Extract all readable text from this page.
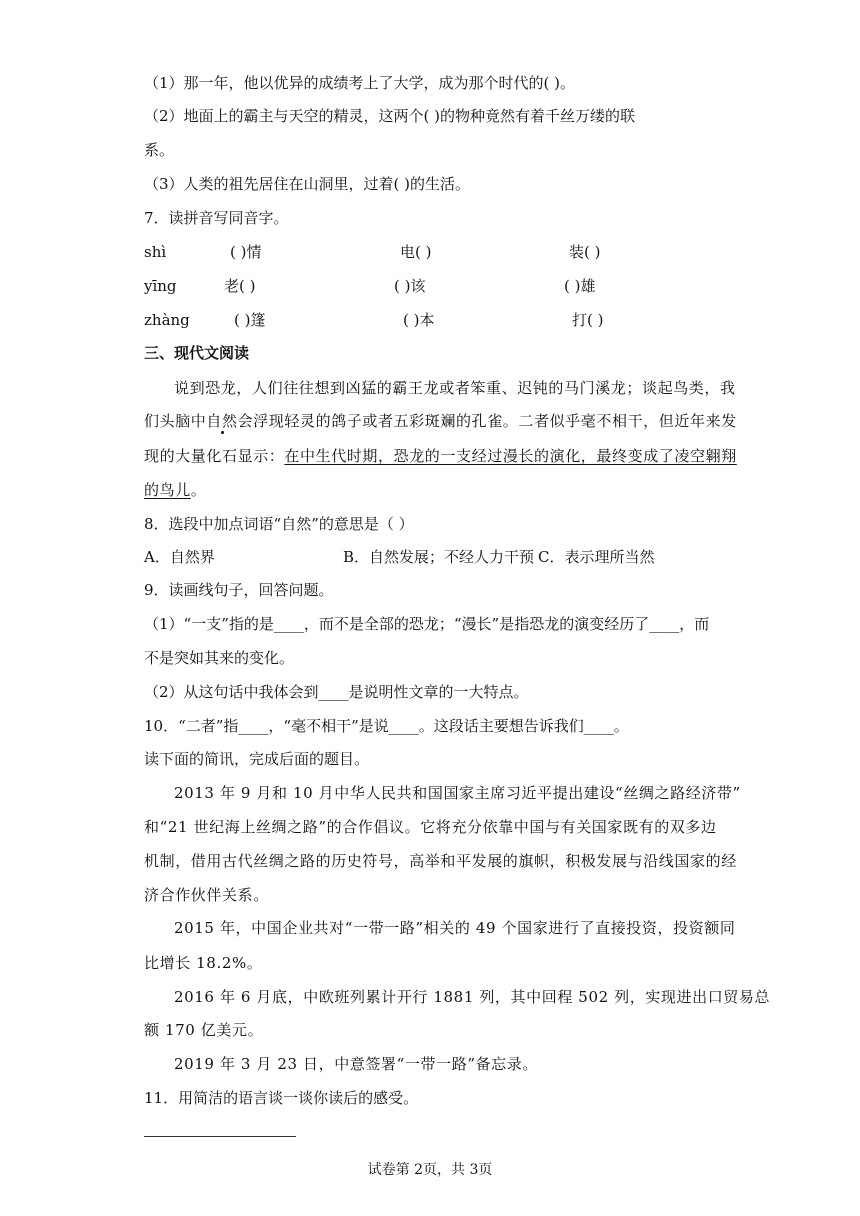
（1）那一年，他以优异的成绩考上了大学，成为那个时代的( )。
（2）地面上的霸主与天空的精灵，这两个( )的物种竟然有着千丝万缕的联
系。
（3）人类的祖先居住在山洞里，过着( )的生活。
7．读拼音写同音字。
shì	( )情	电( )	装( )
yīng	老( )	( )该	( )雄
zhàng	( )篷	( )本	打( )
三、现代文阅读
说到恐龙，人们往往想到凶猛的霸王龙或者笨重、迟钝的马门溪龙；谈起鸟类，我
们头脑中自然会浮现轻灵的鸽子或者五彩斑斓的孔雀。二者似乎毫不相干，但近年来发
现的大量化石显示：在中生代时期，恐龙的一支经过漫长的演化，最终变成了凌空翱翔
的鸟儿。
8．选段中加点词语“自然”的意思是（ ）
A．自然界	B．自然发展；不经人力干预 C．表示理所当然
9．读画线句子，回答问题。
（1）“一支”指的是____，而不是全部的恐龙；“漫长”是指恐龙的演变经历了____，而
不是突如其来的变化。
（2）从这句话中我体会到____是说明性文章的一大特点。
10．“二者”指____，“毫不相干”是说____。这段话主要想告诉我们____。
读下面的简讯，完成后面的题目。
2013 年 9 月和 10 月中华人民共和国国家主席习近平提出建设“丝绸之路经济带”
和“21 世纪海上丝绸之路”的合作倡议。它将充分依靠中国与有关国家既有的双多边
机制，借用古代丝绸之路的历史符号，高举和平发展的旗帜，积极发展与沿线国家的经
济合作伙伴关系。
2015 年，中国企业共对“一带一路”相关的 49 个国家进行了直接投资，投资额同
比增长 18.2%。
2016 年 6 月底，中欧班列累计开行 1881 列，其中回程 502 列，实现进出口贸易总
额 170 亿美元。
2019 年 3 月 23 日，中意签署“一带一路”备忘录。
11．用简洁的语言谈一谈你读后的感受。
试卷第 2页，共 3页
